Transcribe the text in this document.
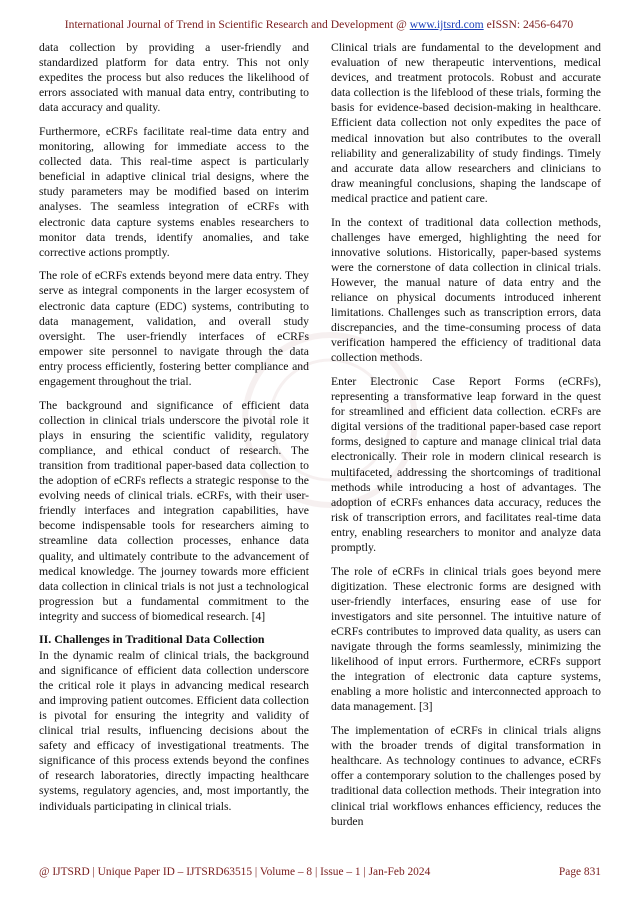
International Journal of Trend in Scientific Research and Development @ www.ijtsrd.com eISSN: 2456-6470

data collection by providing a user-friendly and standardized platform for data entry. This not only expedites the process but also reduces the likelihood of errors associated with manual data entry, contributing to data accuracy and quality.

Furthermore, eCRFs facilitate real-time data entry and monitoring, allowing for immediate access to the collected data. This real-time aspect is particularly beneficial in adaptive clinical trial designs, where the study parameters may be modified based on interim analyses. The seamless integration of eCRFs with electronic data capture systems enables researchers to monitor data trends, identify anomalies, and take corrective actions promptly.

The role of eCRFs extends beyond mere data entry. They serve as integral components in the larger ecosystem of electronic data capture (EDC) systems, contributing to data management, validation, and overall study oversight. The user-friendly interfaces of eCRFs empower site personnel to navigate through the data entry process efficiently, fostering better compliance and engagement throughout the trial.

The background and significance of efficient data collection in clinical trials underscore the pivotal role it plays in ensuring the scientific validity, regulatory compliance, and ethical conduct of research. The transition from traditional paper-based data collection to the adoption of eCRFs reflects a strategic response to the evolving needs of clinical trials. eCRFs, with their user-friendly interfaces and integration capabilities, have become indispensable tools for researchers aiming to streamline data collection processes, enhance data quality, and ultimately contribute to the advancement of medical knowledge. The journey towards more efficient data collection in clinical trials is not just a technological progression but a fundamental commitment to the integrity and success of biomedical research. [4]

II. Challenges in Traditional Data Collection

In the dynamic realm of clinical trials, the background and significance of efficient data collection underscore the critical role it plays in advancing medical research and improving patient outcomes. Efficient data collection is pivotal for ensuring the integrity and validity of clinical trial results, influencing decisions about the safety and efficacy of investigational treatments. The significance of this process extends beyond the confines of research laboratories, directly impacting healthcare systems, regulatory agencies, and, most importantly, the individuals participating in clinical trials.

Clinical trials are fundamental to the development and evaluation of new therapeutic interventions, medical devices, and treatment protocols. Robust and accurate data collection is the lifeblood of these trials, forming the basis for evidence-based decision-making in healthcare. Efficient data collection not only expedites the pace of medical innovation but also contributes to the overall reliability and generalizability of study findings. Timely and accurate data allow researchers and clinicians to draw meaningful conclusions, shaping the landscape of medical practice and patient care.

In the context of traditional data collection methods, challenges have emerged, highlighting the need for innovative solutions. Historically, paper-based systems were the cornerstone of data collection in clinical trials. However, the manual nature of data entry and the reliance on physical documents introduced inherent limitations. Challenges such as transcription errors, data discrepancies, and the time-consuming process of data verification hampered the efficiency of traditional data collection methods.

Enter Electronic Case Report Forms (eCRFs), representing a transformative leap forward in the quest for streamlined and efficient data collection. eCRFs are digital versions of the traditional paper-based case report forms, designed to capture and manage clinical trial data electronically. Their role in modern clinical research is multifaceted, addressing the shortcomings of traditional methods while introducing a host of advantages. The adoption of eCRFs enhances data accuracy, reduces the risk of transcription errors, and facilitates real-time data entry, enabling researchers to monitor and analyze data promptly.

The role of eCRFs in clinical trials goes beyond mere digitization. These electronic forms are designed with user-friendly interfaces, ensuring ease of use for investigators and site personnel. The intuitive nature of eCRFs contributes to improved data quality, as users can navigate through the forms seamlessly, minimizing the likelihood of input errors. Furthermore, eCRFs support the integration of electronic data capture systems, enabling a more holistic and interconnected approach to data management. [3]

The implementation of eCRFs in clinical trials aligns with the broader trends of digital transformation in healthcare. As technology continues to advance, eCRFs offer a contemporary solution to the challenges posed by traditional data collection methods. Their integration into clinical trial workflows enhances efficiency, reduces the burden

@ IJTSRD | Unique Paper ID – IJTSRD63515 | Volume – 8 | Issue – 1 | Jan-Feb 2024	Page 831
